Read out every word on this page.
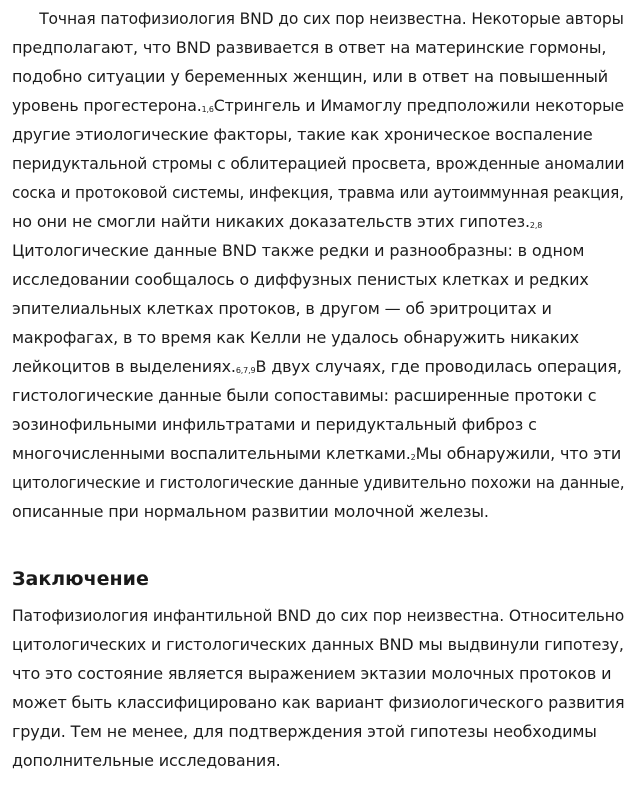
Точная патофизиология BND до сих пор неизвестна. Некоторые авторы
предполагают, что BND развивается в ответ на материнские гормоны,
подобно ситуации у беременных женщин, или в ответ на повышенный
уровень $прогестерона._{1,6}Стрингель$ и Имамоглу предположили некоторые
другие этиологические факторы, такие как хроническое воспаление
перидуктальной стромы с облитерацией просвета, врожденные аномалии
соска и протоковой системы, инфекция, травма или аутоиммунная реакция,
но они не смогли найти никаких доказательств этих $гипотез._{2,8}$
Цитологические данные BND также редки и разнообразны: в одном
исследовании сообщалось о диффузных пенистых клетках и редких
эпителиальных клетках протоков, в другом — об эритроцитах и
макрофагах, в то время как Келли не удалось обнаружить никаких
лейкоцитов в $выделениях._{6,7,9}В$ двух случаях, где проводилась операция,
гистологические данные были сопоставимы: расширенные протоки с
эозинофильными инфильтратами и перидуктальный фиброз с
многочисленными воспалительными $клетками._2Мы$ обнаружили, что эти
цитологические и гистологические данные удивительно похожи на данные,
описанные при нормальном развитии молочной железы.
Заключение
Патофизиология инфантильной BND до сих пор неизвестна. Относительно
цитологических и гистологических данных BND мы выдвинули гипотезу,
что это состояние является выражением эктазии молочных протоков и
может быть классифицировано как вариант физиологического развития
груди. Тем не менее, для подтверждения этой гипотезы необходимы
дополнительные исследования.
